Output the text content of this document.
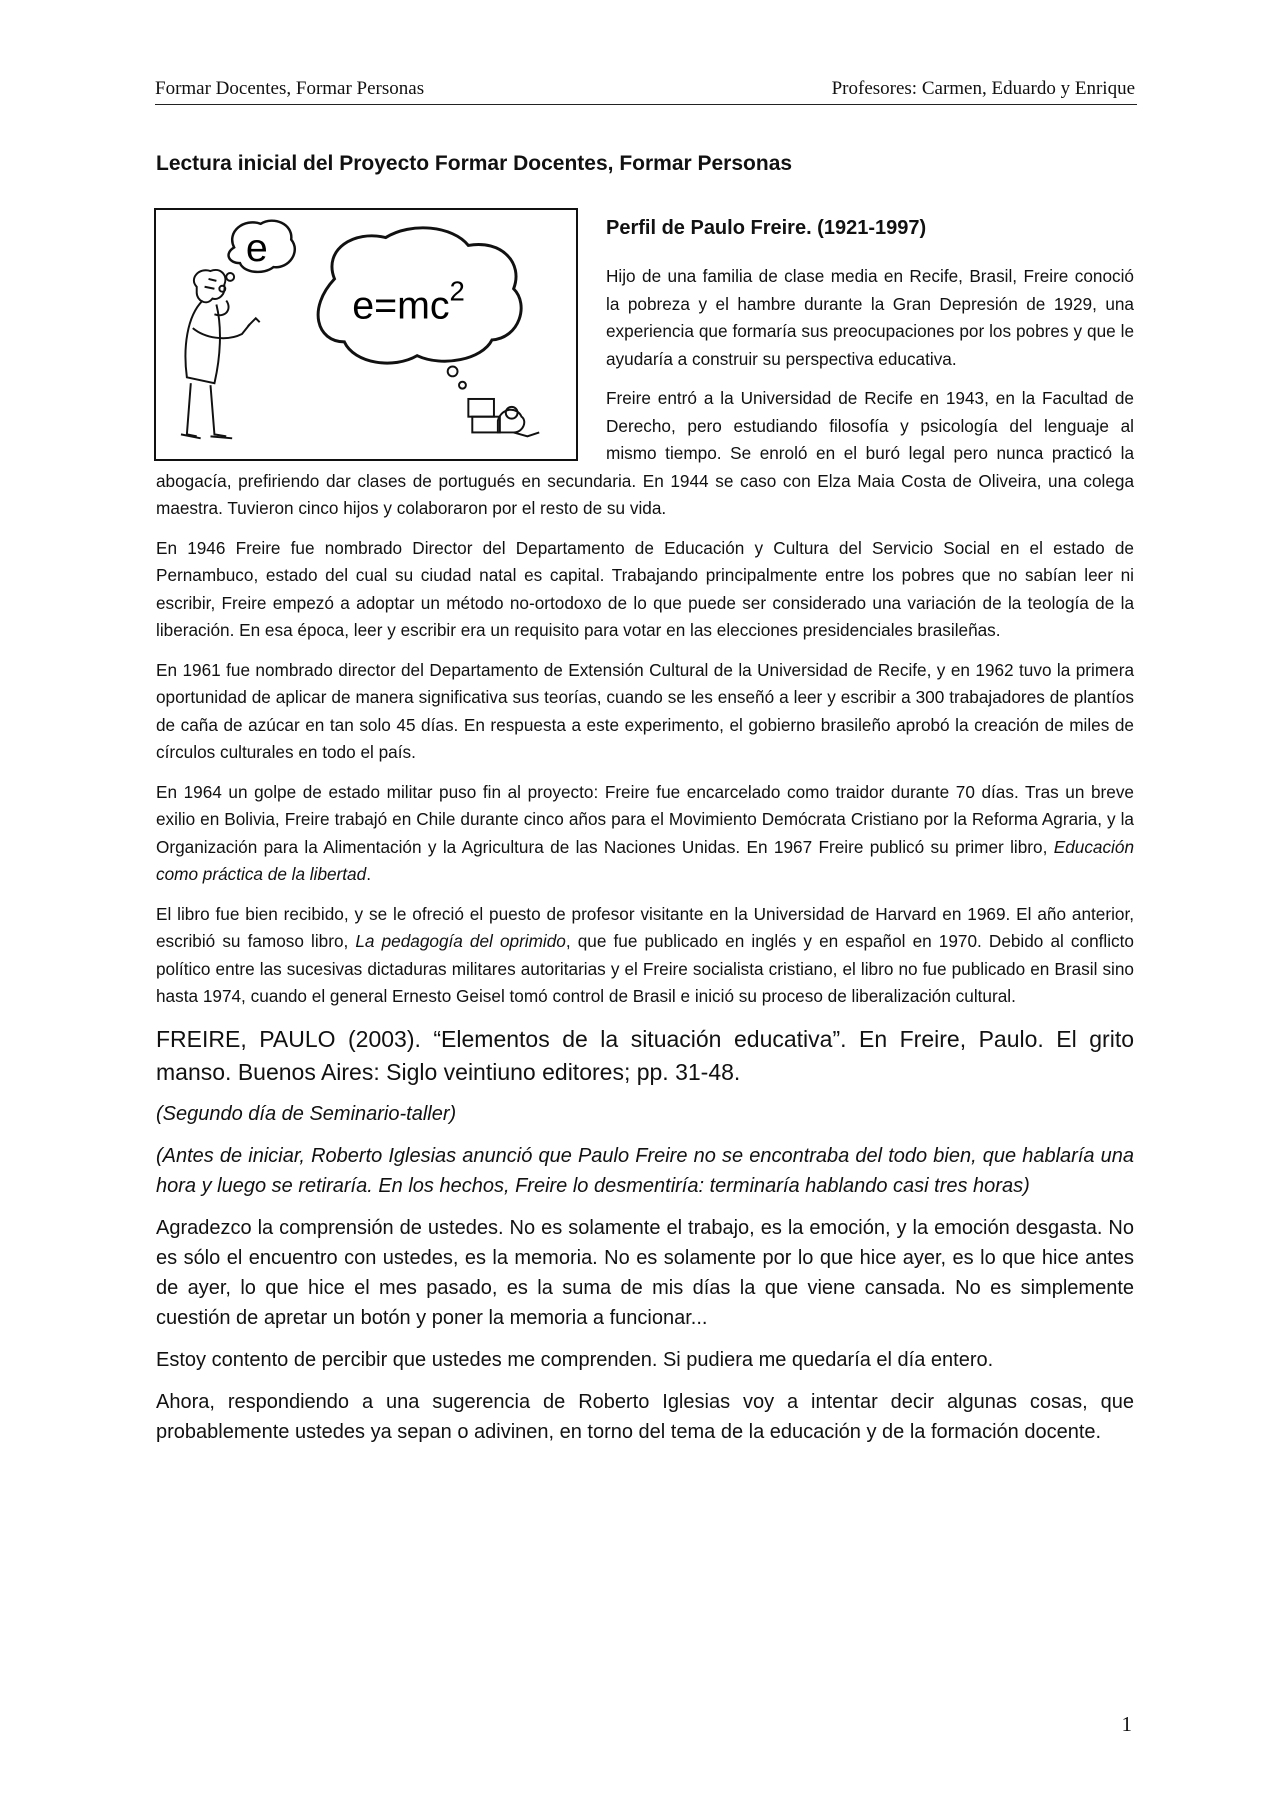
Formar Docentes, Formar Personas	Profesores: Carmen, Eduardo y Enrique
Lectura inicial del Proyecto Formar Docentes, Formar Personas
e
$e=mc^2$
Perfil de Paulo Freire. (1921-1997)

Hijo de una familia de clase media en Recife, Brasil, Freire conoció la pobreza y el hambre durante la Gran Depresión de 1929, una experiencia que formaría sus preocupaciones por los pobres y que le ayudaría a construir su perspectiva educativa.

Freire entró a la Universidad de Recife en 1943, en la Facultad de Derecho, pero estudiando filosofía y psicología del lenguaje al mismo tiempo. Se enroló en el buró legal pero nunca practicó la abogacía, prefiriendo dar clases de portugués en secundaria. En 1944 se caso con Elza Maia Costa de Oliveira, una colega maestra. Tuvieron cinco hijos y colaboraron por el resto de su vida.

En 1946 Freire fue nombrado Director del Departamento de Educación y Cultura del Servicio Social en el estado de Pernambuco, estado del cual su ciudad natal es capital. Trabajando principalmente entre los pobres que no sabían leer ni escribir, Freire empezó a adoptar un método no-ortodoxo de lo que puede ser considerado una variación de la teología de la liberación. En esa época, leer y escribir era un requisito para votar en las elecciones presidenciales brasileñas.

En 1961 fue nombrado director del Departamento de Extensión Cultural de la Universidad de Recife, y en 1962 tuvo la primera oportunidad de aplicar de manera significativa sus teorías, cuando se les enseñó a leer y escribir a 300 trabajadores de plantíos de caña de azúcar en tan solo 45 días. En respuesta a este experimento, el gobierno brasileño aprobó la creación de miles de círculos culturales en todo el país.

En 1964 un golpe de estado militar puso fin al proyecto: Freire fue encarcelado como traidor durante 70 días. Tras un breve exilio en Bolivia, Freire trabajó en Chile durante cinco años para el Movimiento Demócrata Cristiano por la Reforma Agraria, y la Organización para la Alimentación y la Agricultura de las Naciones Unidas. En 1967 Freire publicó su primer libro, Educación como práctica de la libertad.

El libro fue bien recibido, y se le ofreció el puesto de profesor visitante en la Universidad de Harvard en 1969. El año anterior, escribió su famoso libro, La pedagogía del oprimido, que fue publicado en inglés y en español en 1970. Debido al conflicto político entre las sucesivas dictaduras militares autoritarias y el Freire socialista cristiano, el libro no fue publicado en Brasil sino hasta 1974, cuando el general Ernesto Geisel tomó control de Brasil e inició su proceso de liberalización cultural.

FREIRE, PAULO (2003). “Elementos de la situación educativa”. En Freire, Paulo. El grito manso. Buenos Aires: Siglo veintiuno editores; pp. 31-48.
(Segundo día de Seminario-taller)
(Antes de iniciar, Roberto Iglesias anunció que Paulo Freire no se encontraba del todo bien, que hablaría una hora y luego se retiraría. En los hechos, Freire lo desmentiría: terminaría hablando casi tres horas)
Agradezco la comprensión de ustedes. No es solamente el trabajo, es la emoción, y la emoción desgasta. No es sólo el encuentro con ustedes, es la memoria. No es solamente por lo que hice ayer, es lo que hice antes de ayer, lo que hice el mes pasado, es la suma de mis días la que viene cansada. No es simplemente cuestión de apretar un botón y poner la memoria a funcionar...
Estoy contento de percibir que ustedes me comprenden. Si pudiera me quedaría el día entero.
Ahora, respondiendo a una sugerencia de Roberto Iglesias voy a intentar decir algunas cosas, que probablemente ustedes ya sepan o adivinen, en torno del tema de la educación y de la formación docente.
1
